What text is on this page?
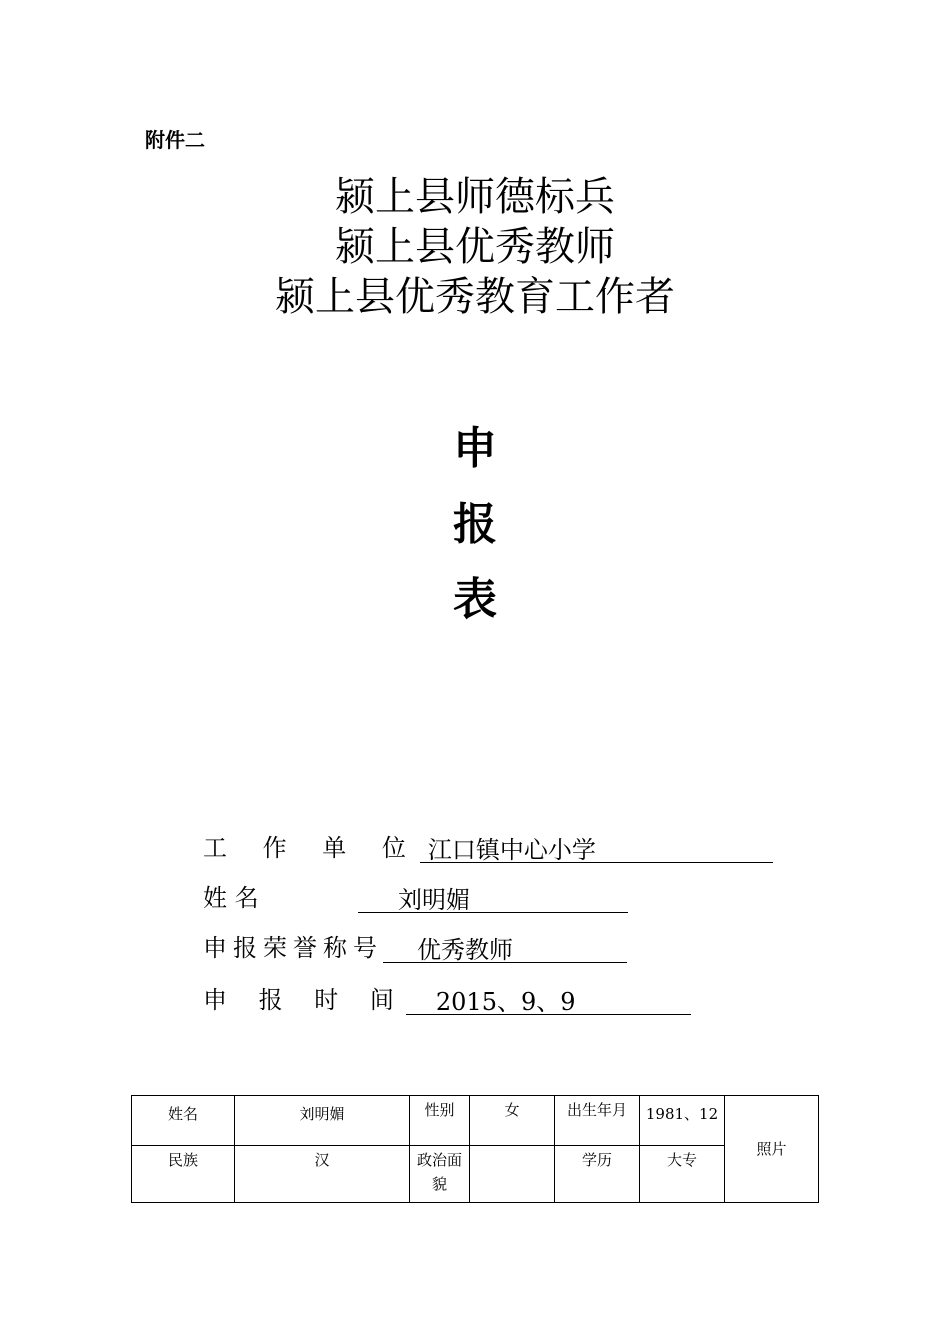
附件二
颍上县师德标兵
颍上县优秀教师
颍上县优秀教育工作者
申
报
表
工 作 单 位 江口镇中心小学
姓 名	刘明媚
申报荣誉称号 优秀教师
申 报 时 间 2015、9、9
姓名	刘明媚	性别	女	出生年月	1981、12	照片
民族	汉	政治面貌		学历	大专	
